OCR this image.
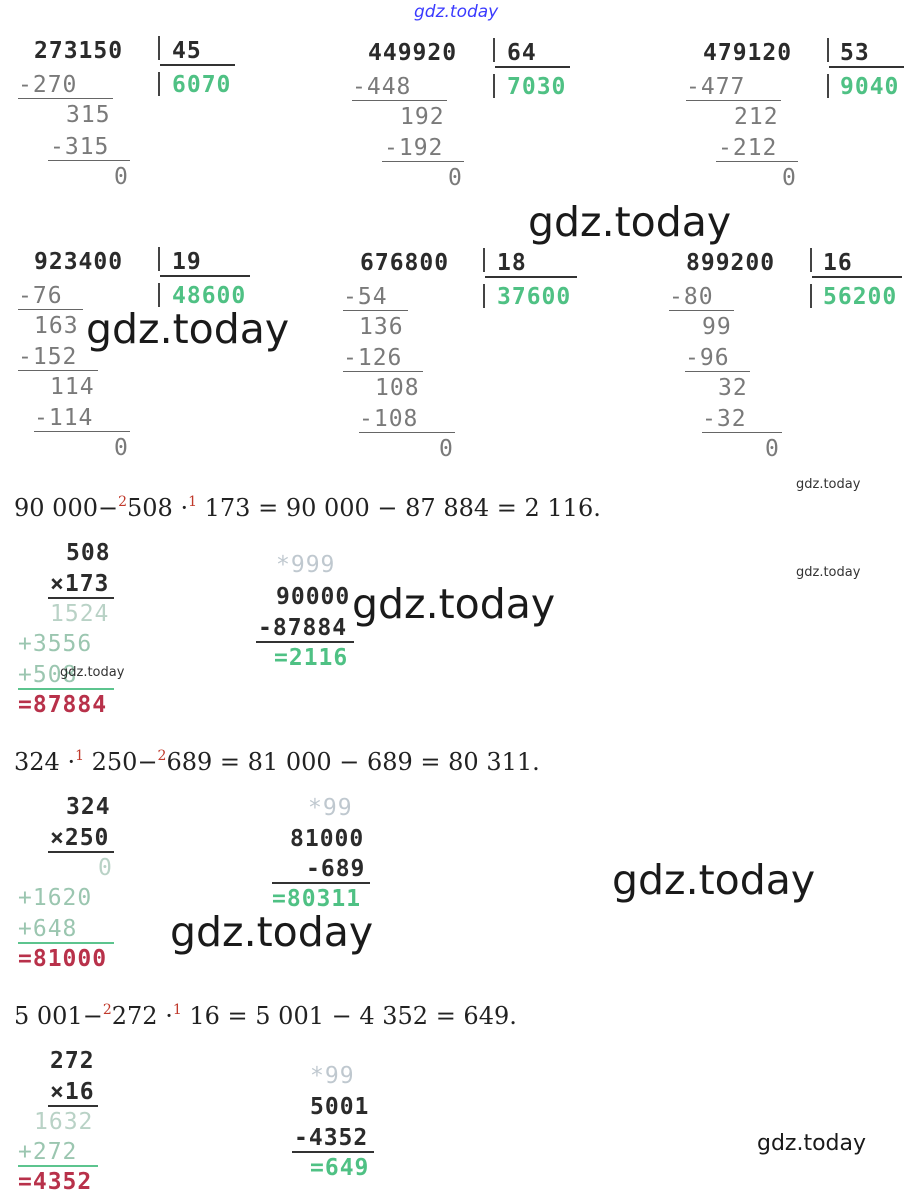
gdz.today
273150 45
6070
-270
315
-315
0
449920 64
7030
-448
192
-192
0
479120 53
9040
-477
212
-212
0
gdz.today
923400 19
48600
-76
163
-152
114
-114
0
gdz.today
676800 18
37600
-54
136
-126
108
-108
0
899200 16
56200
-80
99
-96
32
-32
0
gdz.today
90 000−$^2$508 ·$^1$ 173 = 90 000 − 87 884 = 2 116.
gdz.today
508
×173
1524
+3556
+508
=87884
gdz.today
*999
90000
-87884
=2116
gdz.today
324 ·$^1$ 250−$^2$689 = 81 000 − 689 = 80 311.
324
×250
0
+1620
+648
=81000
*99
81000
-689
=80311	gdz.today
gdz.today
5 001−$^2$272 ·$^1$ 16 = 5 001 − 4 352 = 649.
272
×16
1632
+272
=4352
*99
5001
-4352
=649
gdz.today
